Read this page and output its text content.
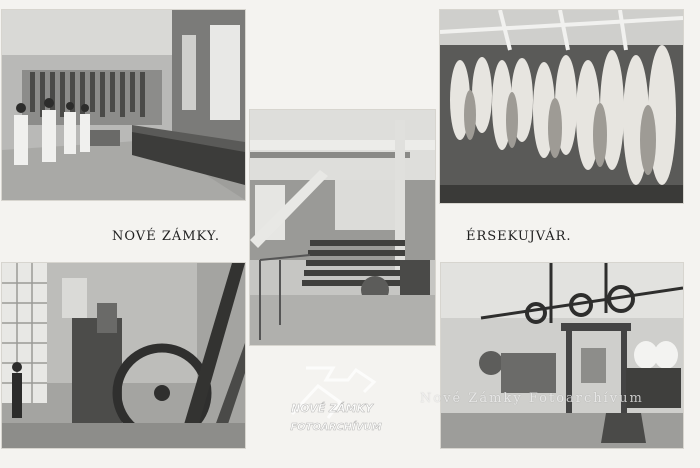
NOVÉ ZÁMKY.	ÉRSEKUJVÁR.
NOVÉ ZÁMKY
FOTOARCHÍVUM
Nové Zámky Fotoarchívum
